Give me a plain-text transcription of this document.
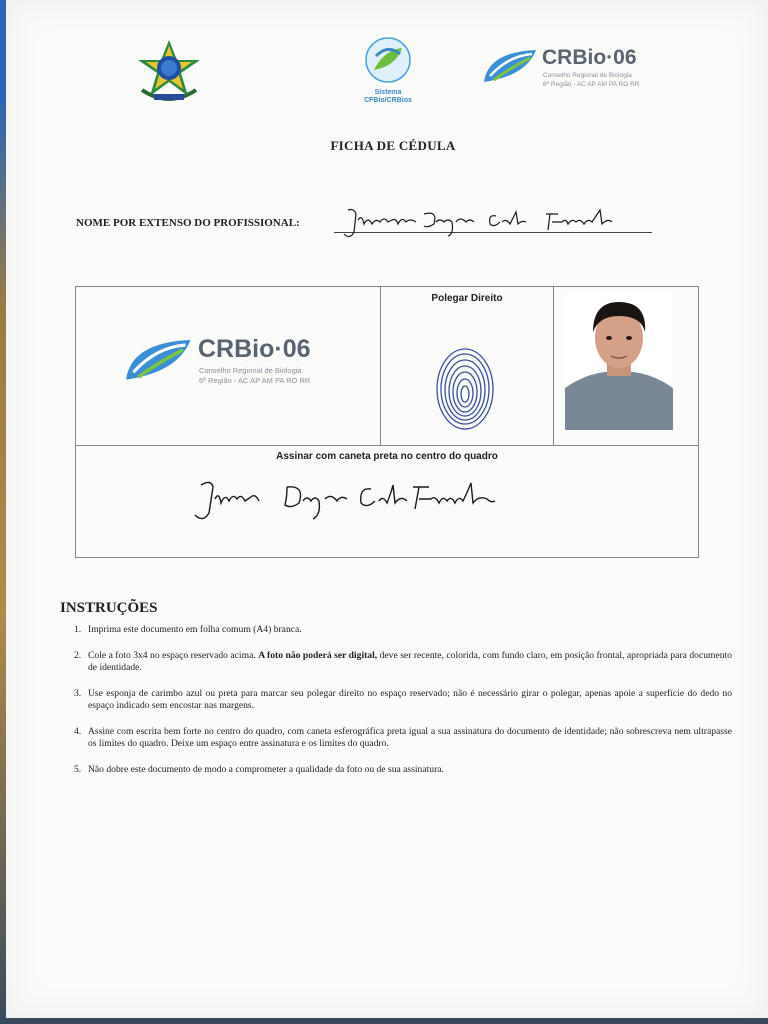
Sistema
CFBio/CRBios
CRBio·06
Conselho Regional de Biologia
6ª Região - AC AP AM PA RO RR
FICHA DE CÉDULA
NOME POR EXTENSO DO PROFISSIONAL:
CRBio·06
Conselho Regional de Biologia
6ª Região - AC AP AM PA RO RR
Polegar Direito
Assinar com caneta preta no centro do quadro
INSTRUÇÕES
1. Imprima este documento em folha comum (A4) branca.
2. Cole a foto 3x4 no espaço reservado acima. A foto não poderá ser digital, deve ser recente, colorida, com fundo claro, em posição frontal, apropriada para documento de identidade.
3. Use esponja de carimbo azul ou preta para marcar seu polegar direito no espaço reservado; não é necessário girar o polegar, apenas apoie a superfície do dedo no espaço indicado sem encostar nas margens.
4. Assine com escrita bem forte no centro do quadro, com caneta esferográfica preta igual a sua assinatura do documento de identidade; não sobrescreva nem ultrapasse os limites do quadro. Deixe um espaço entre assinatura e os limites do quadro.
5. Não dobre este documento de modo a comprometer a qualidade da foto ou de sua assinatura.
